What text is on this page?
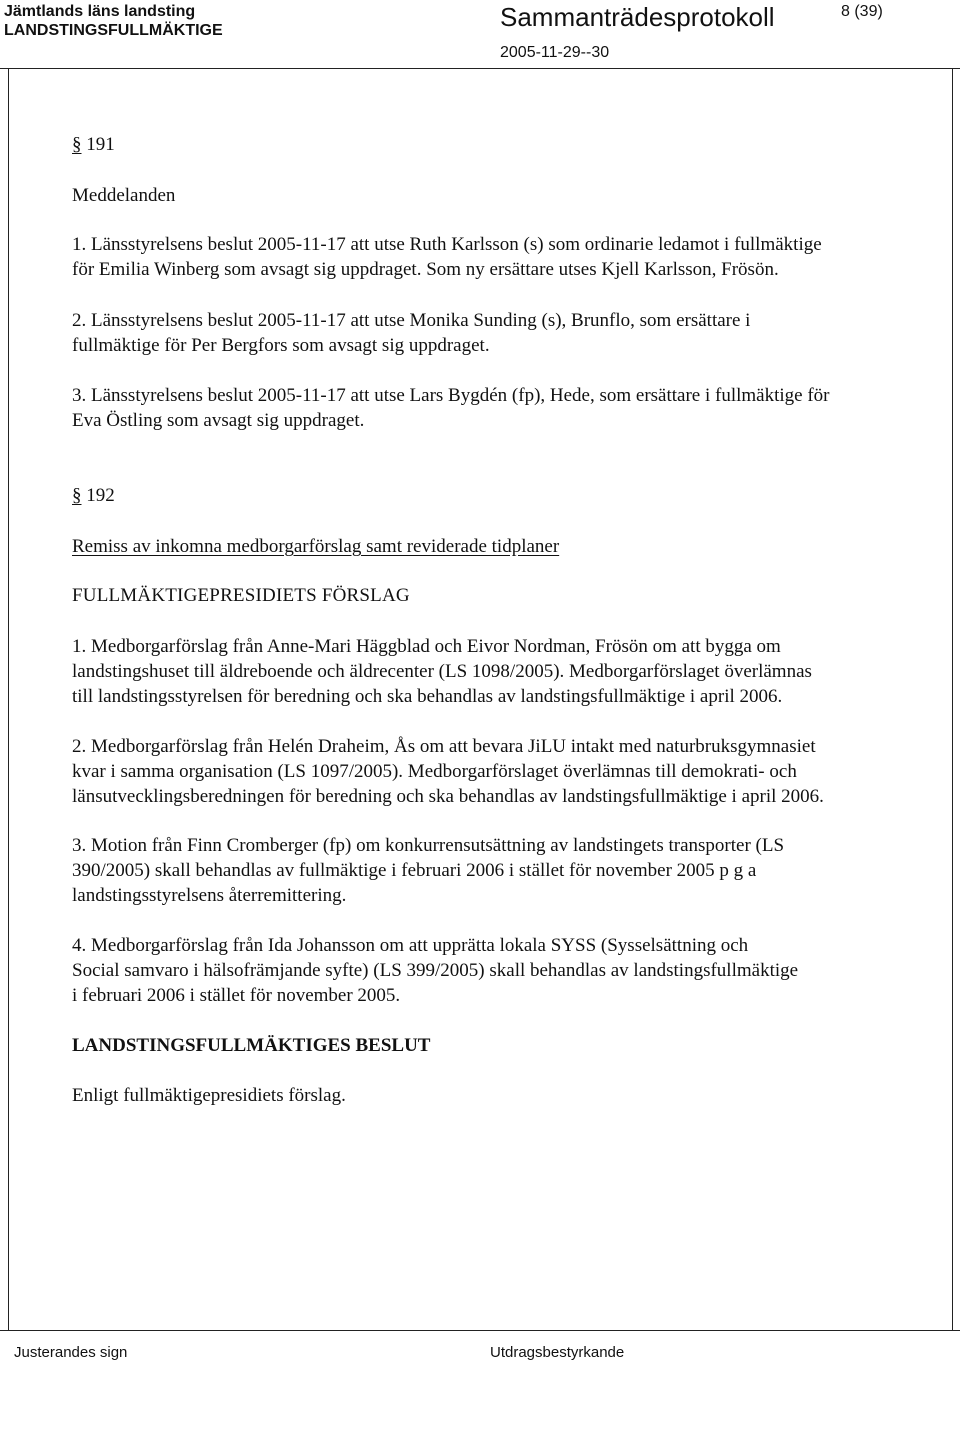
Jämtlands läns landsting
LANDSTINGSFULLMÄKTIGE	Sammanträdesprotokoll	8 (39)
2005-11-29--30
§ 191
Meddelanden
1. Länsstyrelsens beslut 2005-11-17 att utse Ruth Karlsson (s) som ordinarie ledamot i fullmäktige
för Emilia Winberg som avsagt sig uppdraget. Som ny ersättare utses Kjell Karlsson, Frösön.
2. Länsstyrelsens beslut 2005-11-17 att utse Monika Sunding (s), Brunflo, som ersättare i
fullmäktige för Per Bergfors som avsagt sig uppdraget.
3. Länsstyrelsens beslut 2005-11-17 att utse Lars Bygdén (fp), Hede, som ersättare i fullmäktige för
Eva Östling som avsagt sig uppdraget.
§ 192
Remiss av inkomna medborgarförslag samt reviderade tidplaner
FULLMÄKTIGEPRESIDIETS FÖRSLAG
1. Medborgarförslag från Anne-Mari Häggblad och Eivor Nordman, Frösön om att bygga om
landstingshuset till äldreboende och äldrecenter (LS 1098/2005). Medborgarförslaget överlämnas
till landstingsstyrelsen för beredning och ska behandlas av landstingsfullmäktige i april 2006.
2. Medborgarförslag från Helén Draheim, Ås om att bevara JiLU intakt med naturbruksgymnasiet
kvar i samma organisation (LS 1097/2005). Medborgarförslaget överlämnas till demokrati- och
länsutvecklingsberedningen för beredning och ska behandlas av landstingsfullmäktige i april 2006.
3. Motion från Finn Cromberger (fp) om konkurrensutsättning av landstingets transporter (LS
390/2005) skall behandlas av fullmäktige i februari 2006 i stället för november 2005 p g a
landstingsstyrelsens återremittering.
4. Medborgarförslag från Ida Johansson om att upprätta lokala SYSS (Sysselsättning och
Social samvaro i hälsofrämjande syfte) (LS 399/2005) skall behandlas av landstingsfullmäktige
i februari 2006 i stället för november 2005.
LANDSTINGSFULLMÄKTIGES BESLUT
Enligt fullmäktigepresidiets förslag.
Justerandes sign	Utdragsbestyrkande
